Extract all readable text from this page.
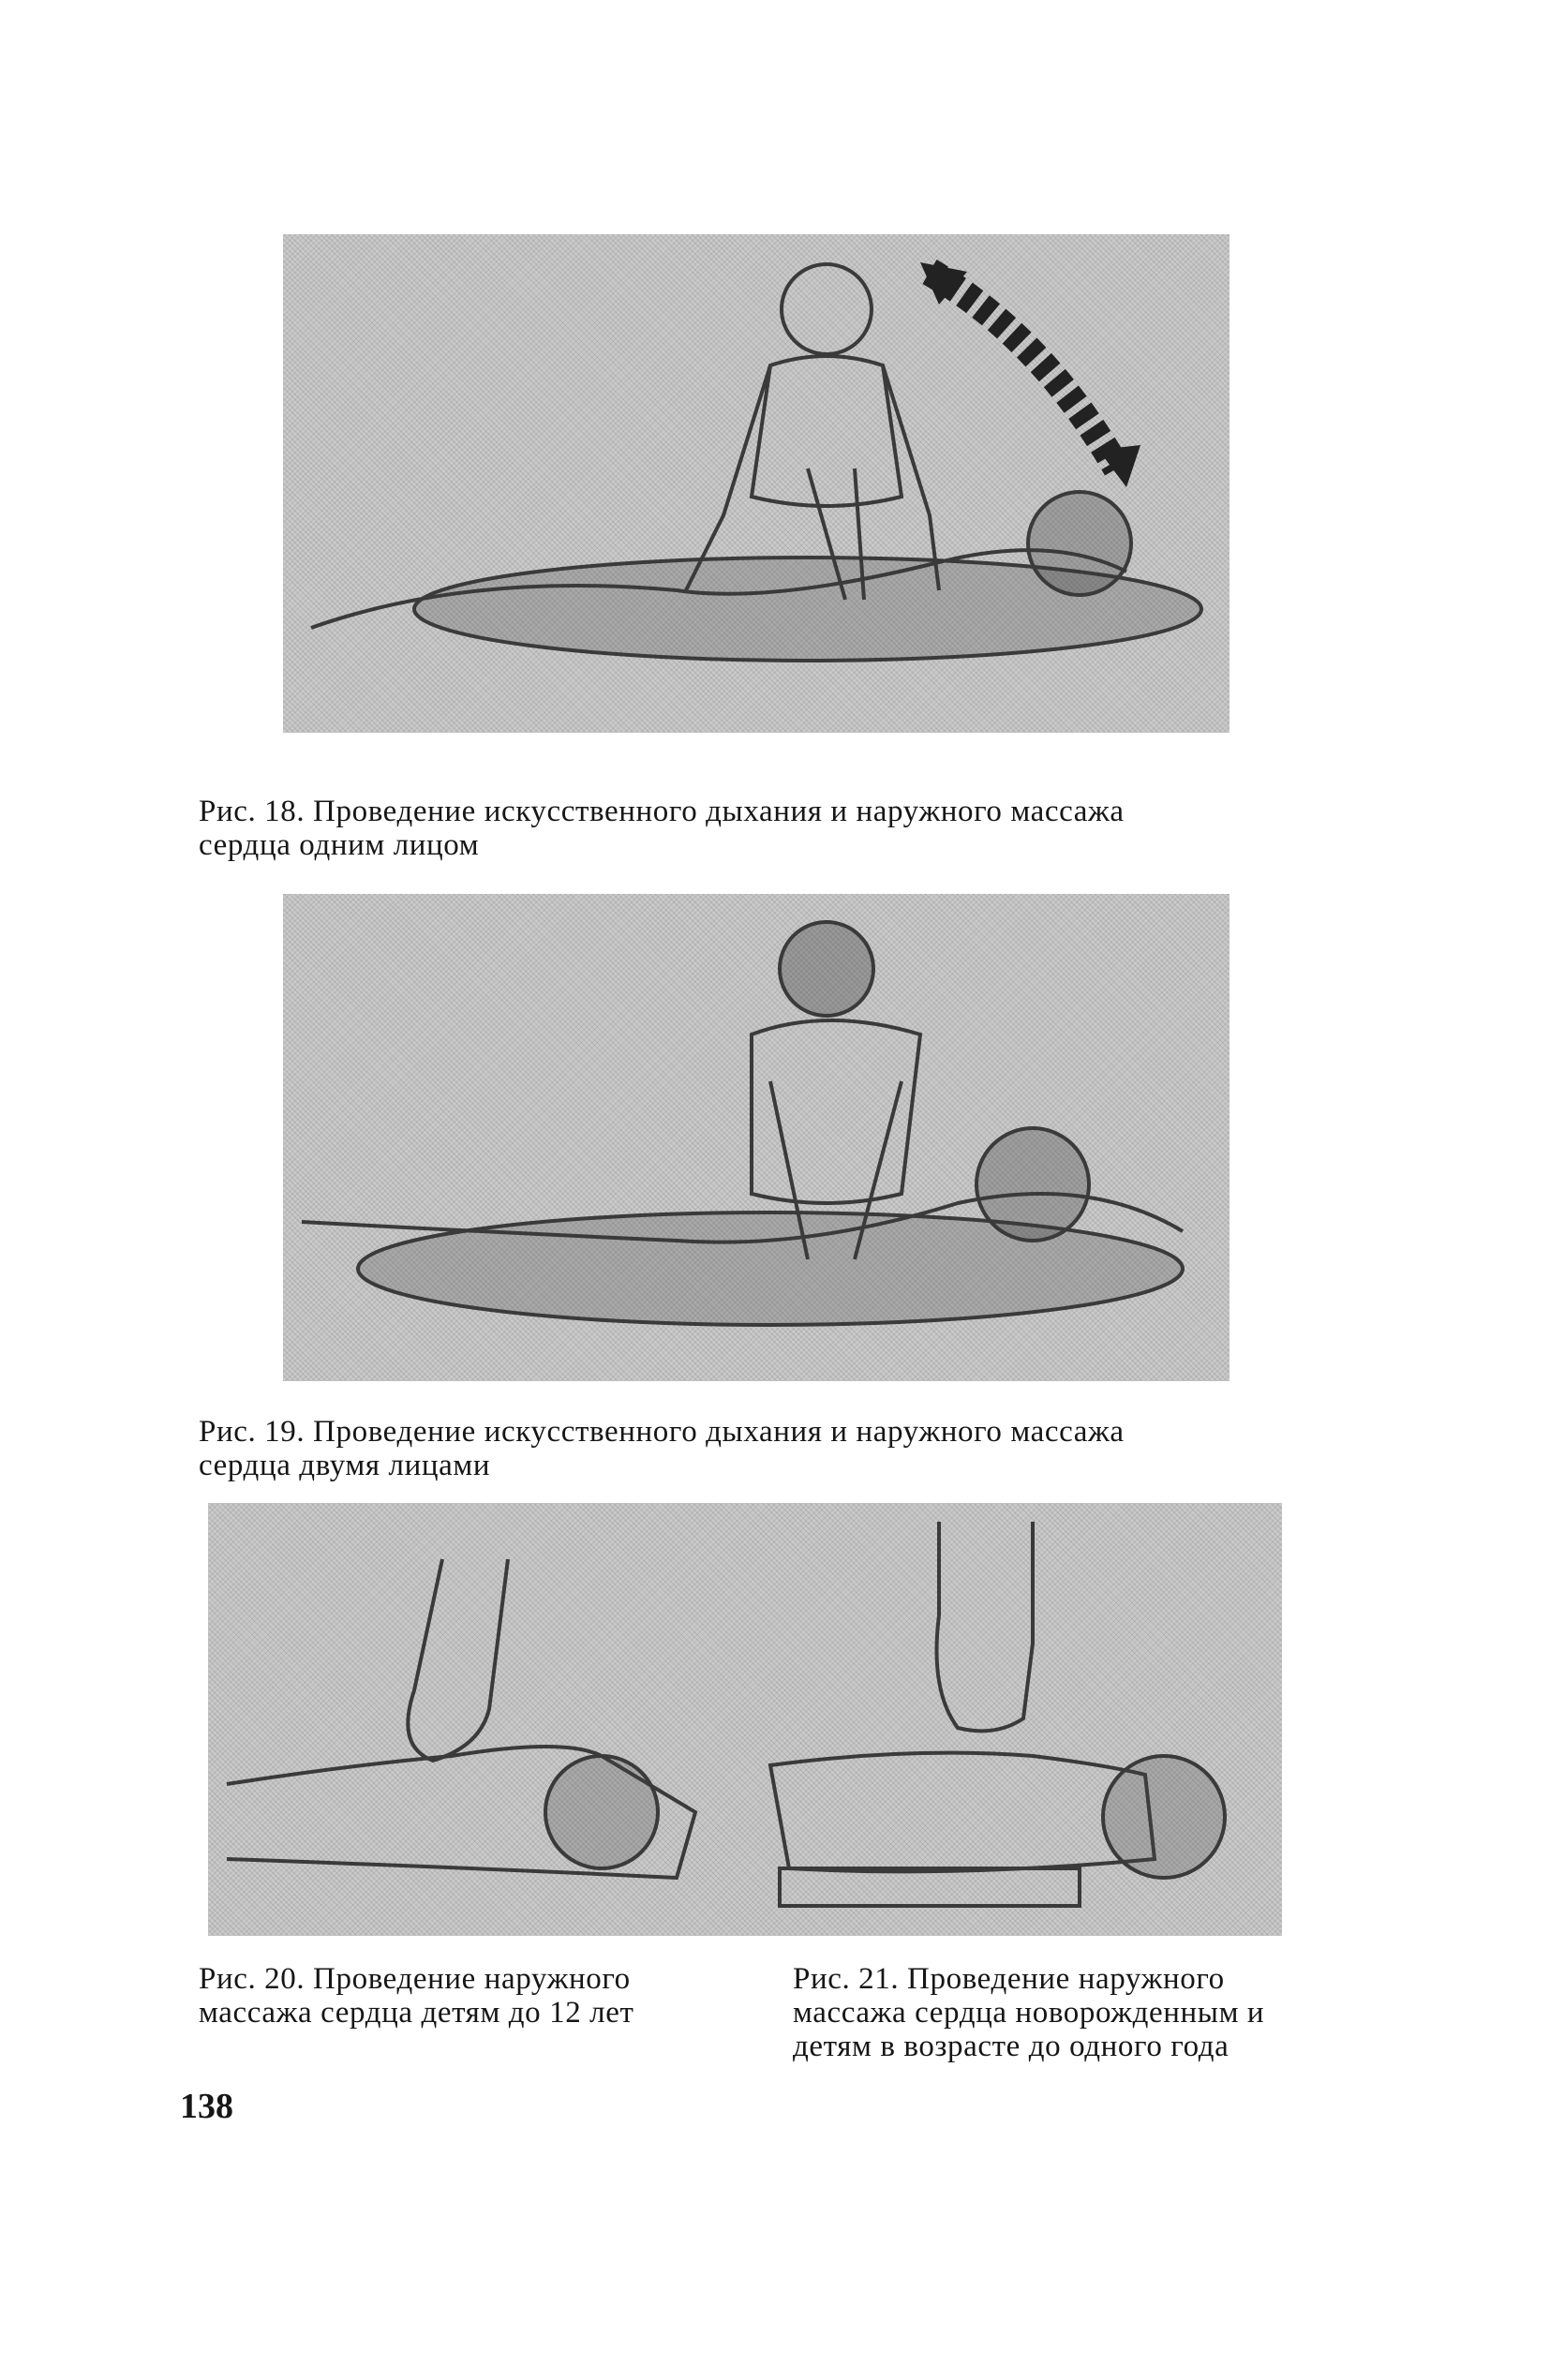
Рис. 18. Проведение искусственного дыхания и наружного массажа
сердца одним лицом
Рис. 19. Проведение искусственного дыхания и наружного массажа
сердца двумя лицами
Рис. 20. Проведение наружного
массажа сердца детям до 12 лет
Рис. 21. Проведение наружного
массажа сердца новорожденным и
детям в возрасте до одного года
138
